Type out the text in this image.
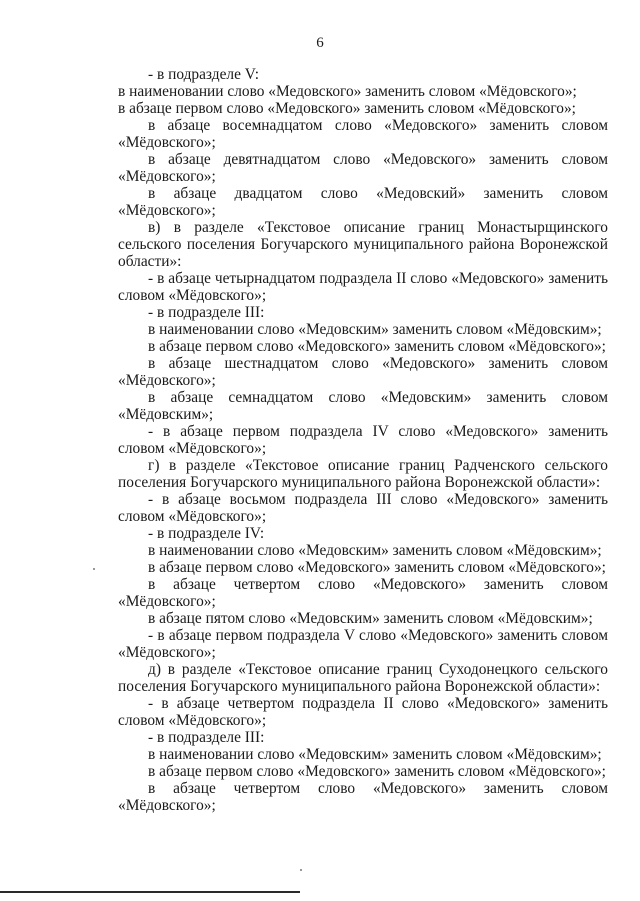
6

- в подразделе V:

в наименовании слово «Медовского» заменить словом «Мёдовского»;

в абзаце первом слово «Медовского» заменить словом «Мёдовского»;

в абзаце восемнадцатом слово «Медовского» заменить словом «Мёдовского»;

в абзаце девятнадцатом слово «Медовского» заменить словом «Мёдовского»;

в абзаце двадцатом слово «Медовский» заменить словом «Мёдовского»;

в) в разделе «Текстовое описание границ Монастырщинского сельского поселения Богучарского муниципального района Воронежской области»:

- в абзаце четырнадцатом подраздела II слово «Медовского» заменить словом «Мёдовского»;

- в подразделе III:

в наименовании слово «Медовским» заменить словом «Мёдовским»;

в абзаце первом слово «Медовского» заменить словом «Мёдовского»;

в абзаце шестнадцатом слово «Медовского» заменить словом «Мёдовского»;

в абзаце семнадцатом слово «Медовским» заменить словом «Мёдовским»;

- в абзаце первом подраздела IV слово «Медовского» заменить словом «Мёдовского»;

г) в разделе «Текстовое описание границ Радченского сельского поселения Богучарского муниципального района Воронежской области»:

- в абзаце восьмом подраздела III слово «Медовского» заменить словом «Мёдовского»;

- в подразделе IV:

в наименовании слово «Медовским» заменить словом «Мёдовским»;

в абзаце первом слово «Медовского» заменить словом «Мёдовского»;

в абзаце четвертом слово «Медовского» заменить словом «Мёдовского»;

в абзаце пятом слово «Медовским» заменить словом «Мёдовским»;

- в абзаце первом подраздела V слово «Медовского» заменить словом «Мёдовского»;

д) в разделе «Текстовое описание границ Суходонецкого сельского поселения Богучарского муниципального района Воронежской области»:

- в абзаце четвертом подраздела II слово «Медовского» заменить словом «Мёдовского»;

- в подразделе III:

в наименовании слово «Медовским» заменить словом «Мёдовским»;

в абзаце первом слово «Медовского» заменить словом «Мёдовского»;

в абзаце четвертом слово «Медовского» заменить словом «Мёдовского»;
